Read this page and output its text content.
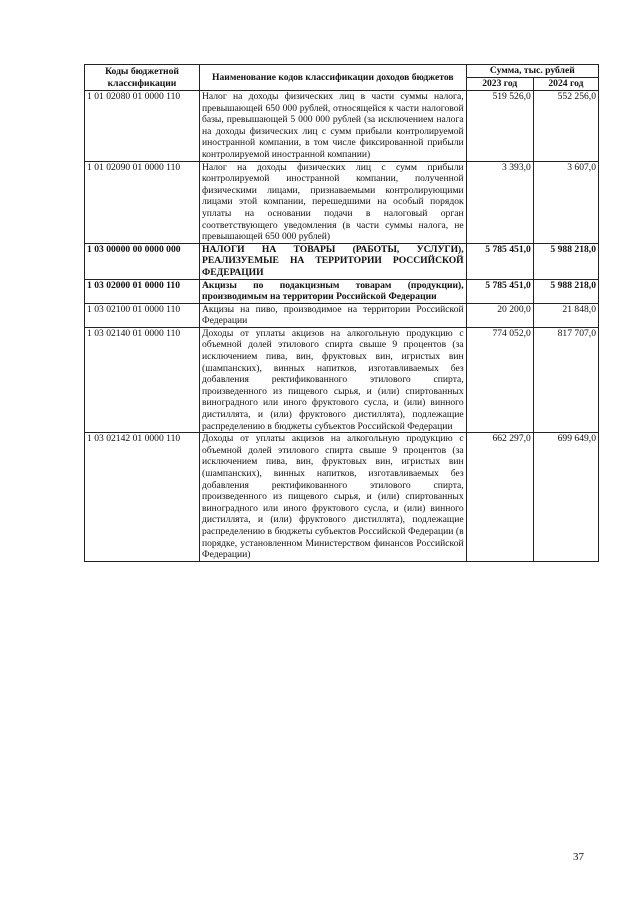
Коды бюджетной классификации	Наименование кодов классификации доходов бюджетов	Сумма, тыс. рублей	
		2023 год	2024 год
1 01 02080 01 0000 110	Налог на доходы физических лиц в части суммы налога, превышающей 650 000 рублей, относящейся к части налоговой базы, превышающей 5 000 000 рублей (за исключением налога на доходы физических лиц с сумм прибыли контролируемой иностранной компании, в том числе фиксированной прибыли контролируемой иностранной компании)	519 526,0	552 256,0
1 01 02090 01 0000 110	Налог на доходы физических лиц с сумм прибыли контролируемой иностранной компании, полученной физическими лицами, признаваемыми контролирующими лицами этой компании, перешедшими на особый порядок уплаты на основании подачи в налоговый орган соответствующего уведомления (в части суммы налога, не превышающей 650 000 рублей)	3 393,0	3 607,0
1 03 00000 00 0000 000	НАЛОГИ НА ТОВАРЫ (РАБОТЫ, УСЛУГИ), РЕАЛИЗУЕМЫЕ НА ТЕРРИТОРИИ РОССИЙСКОЙ ФЕДЕРАЦИИ	5 785 451,0	5 988 218,0
1 03 02000 01 0000 110	Акцизы по подакцизным товарам (продукции), производимым на территории Российской Федерации	5 785 451,0	5 988 218,0
1 03 02100 01 0000 110	Акцизы на пиво, производимое на территории Российской Федерации	20 200,0	21 848,0
1 03 02140 01 0000 110	Доходы от уплаты акцизов на алкогольную продукцию с объемной долей этилового спирта свыше 9 процентов (за исключением пива, вин, фруктовых вин, игристых вин (шампанских), винных напитков, изготавливаемых без добавления ректификованного этилового спирта, произведенного из пищевого сырья, и (или) спиртованных виноградного или иного фруктового сусла, и (или) винного дистиллята, и (или) фруктового дистиллята), подлежащие распределению в бюджеты субъектов Российской Федерации	774 052,0	817 707,0
1 03 02142 01 0000 110	Доходы от уплаты акцизов на алкогольную продукцию с объемной долей этилового спирта свыше 9 процентов (за исключением пива, вин, фруктовых вин, игристых вин (шампанских), винных напитков, изготавливаемых без добавления ректификованного этилового спирта, произведенного из пищевого сырья, и (или) спиртованных виноградного или иного фруктового сусла, и (или) винного дистиллята, и (или) фруктового дистиллята), подлежащие распределению в бюджеты субъектов Российской Федерации (в порядке, установленном Министерством финансов Российской Федерации)	662 297,0	699 649,0
37
